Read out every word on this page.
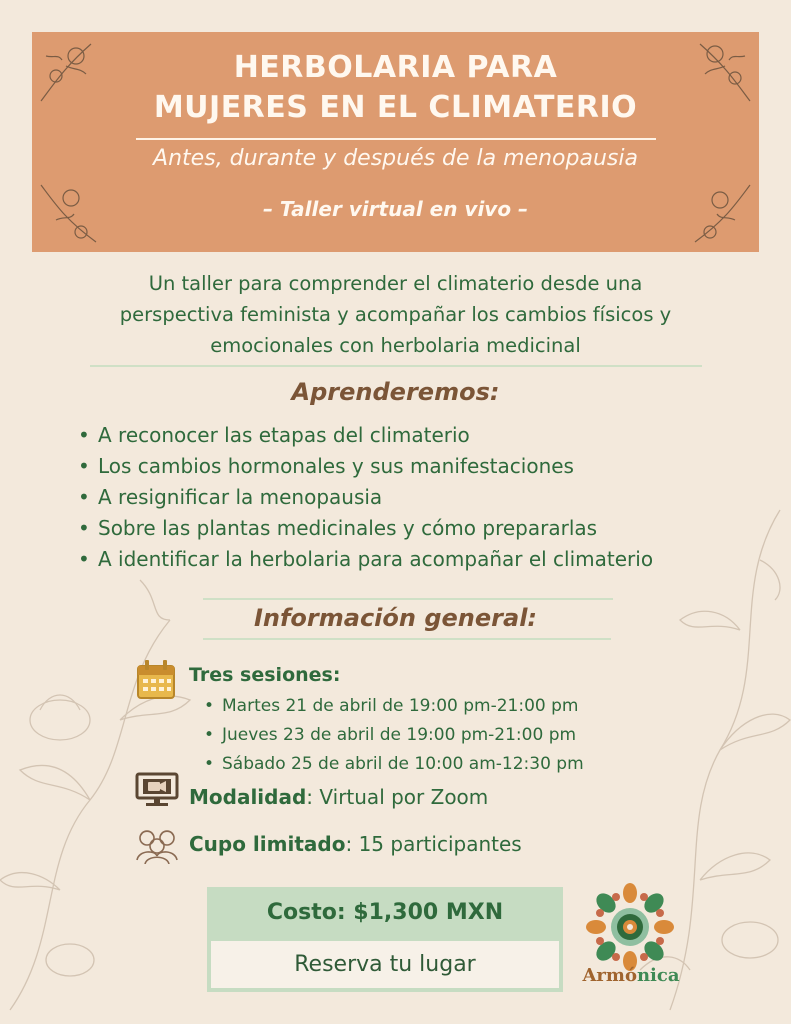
HERBOLARIA PARA
MUJERES EN EL CLIMATERIO
Antes, durante y después de la menopausia
– Taller virtual en vivo –
Un taller para comprender el climaterio desde una
perspectiva feminista y acompañar los cambios físicos y
emocionales con herbolaria medicinal
Aprenderemos:
• A reconocer las etapas del climaterio
• Los cambios hormonales y sus manifestaciones
• A resignificar la menopausia
• Sobre las plantas medicinales y cómo prepararlas
• A identificar la herbolaria para acompañar el climaterio
Información general:
Tres sesiones:
• Martes 21 de abril de 19:00 pm-21:00 pm
• Jueves 23 de abril de 19:00 pm-21:00 pm
• Sábado 25 de abril de 10:00 am-12:30 pm
Modalidad: Virtual por Zoom
Cupo limitado: 15 participantes
Costo: $1,300 MXN
Reserva tu lugar	Armónica
